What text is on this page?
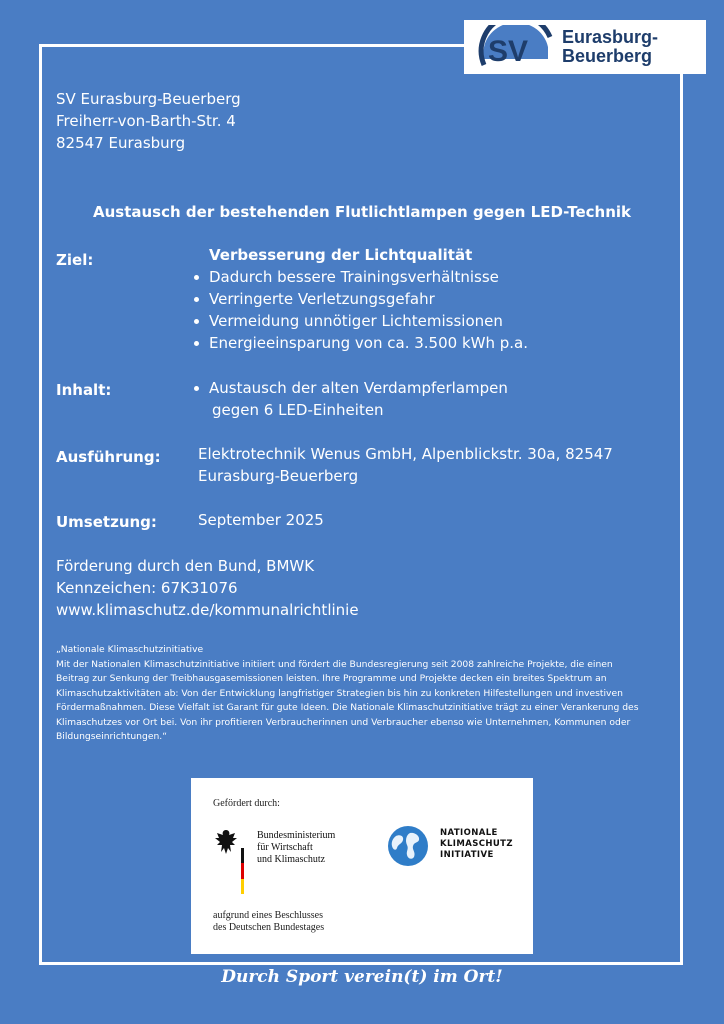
SV Eurasburg-
Beuerberg
SV Eurasburg-Beuerberg
Freiherr-von-Barth-Str. 4
82547 Eurasburg
Austausch der bestehenden Flutlichtlampen gegen LED-Technik
Ziel:	Verbesserung der Lichtqualität
Dadurch bessere Trainingsverhältnisse
Verringerte Verletzungsgefahr
Vermeidung unnötiger Lichtemissionen
Energieeinsparung von ca. 3.500 kWh p.a.
Inhalt:	Austausch der alten Verdampferlampen
gegen 6 LED-Einheiten
Ausführung: Elektrotechnik Wenus GmbH, Alpenblickstr. 30a, 82547
Eurasburg-Beuerberg
Umsetzung:	September 2025
Förderung durch den Bund, BMWK
Kennzeichen: 67K31076
www.klimaschutz.de/kommunalrichtlinie
„Nationale Klimaschutzinitiative
Mit der Nationalen Klimaschutzinitiative initiiert und fördert die Bundesregierung seit 2008 zahlreiche Projekte, die einen Beitrag zur Senkung der Treibhausgasemissionen leisten. Ihre Programme und Projekte decken ein breites Spektrum an Klimaschutzaktivitäten ab: Von der Entwicklung langfristiger Strategien bis hin zu konkreten Hilfestellungen und investiven Fördermaßnahmen. Diese Vielfalt ist Garant für gute Ideen. Die Nationale Klimaschutzinitiative trägt zu einer Verankerung des Klimaschutzes vor Ort bei. Von ihr profitieren Verbraucherinnen und Verbraucher ebenso wie Unternehmen, Kommunen oder Bildungseinrichtungen.“
Gefördert durch:
Bundesministerium
für Wirtschaft
und Klimaschutz
NATIONALE
KLIMASCHUTZ
INITIATIVE
aufgrund eines Beschlusses
des Deutschen Bundestages
Durch Sport verein(t) im Ort!
